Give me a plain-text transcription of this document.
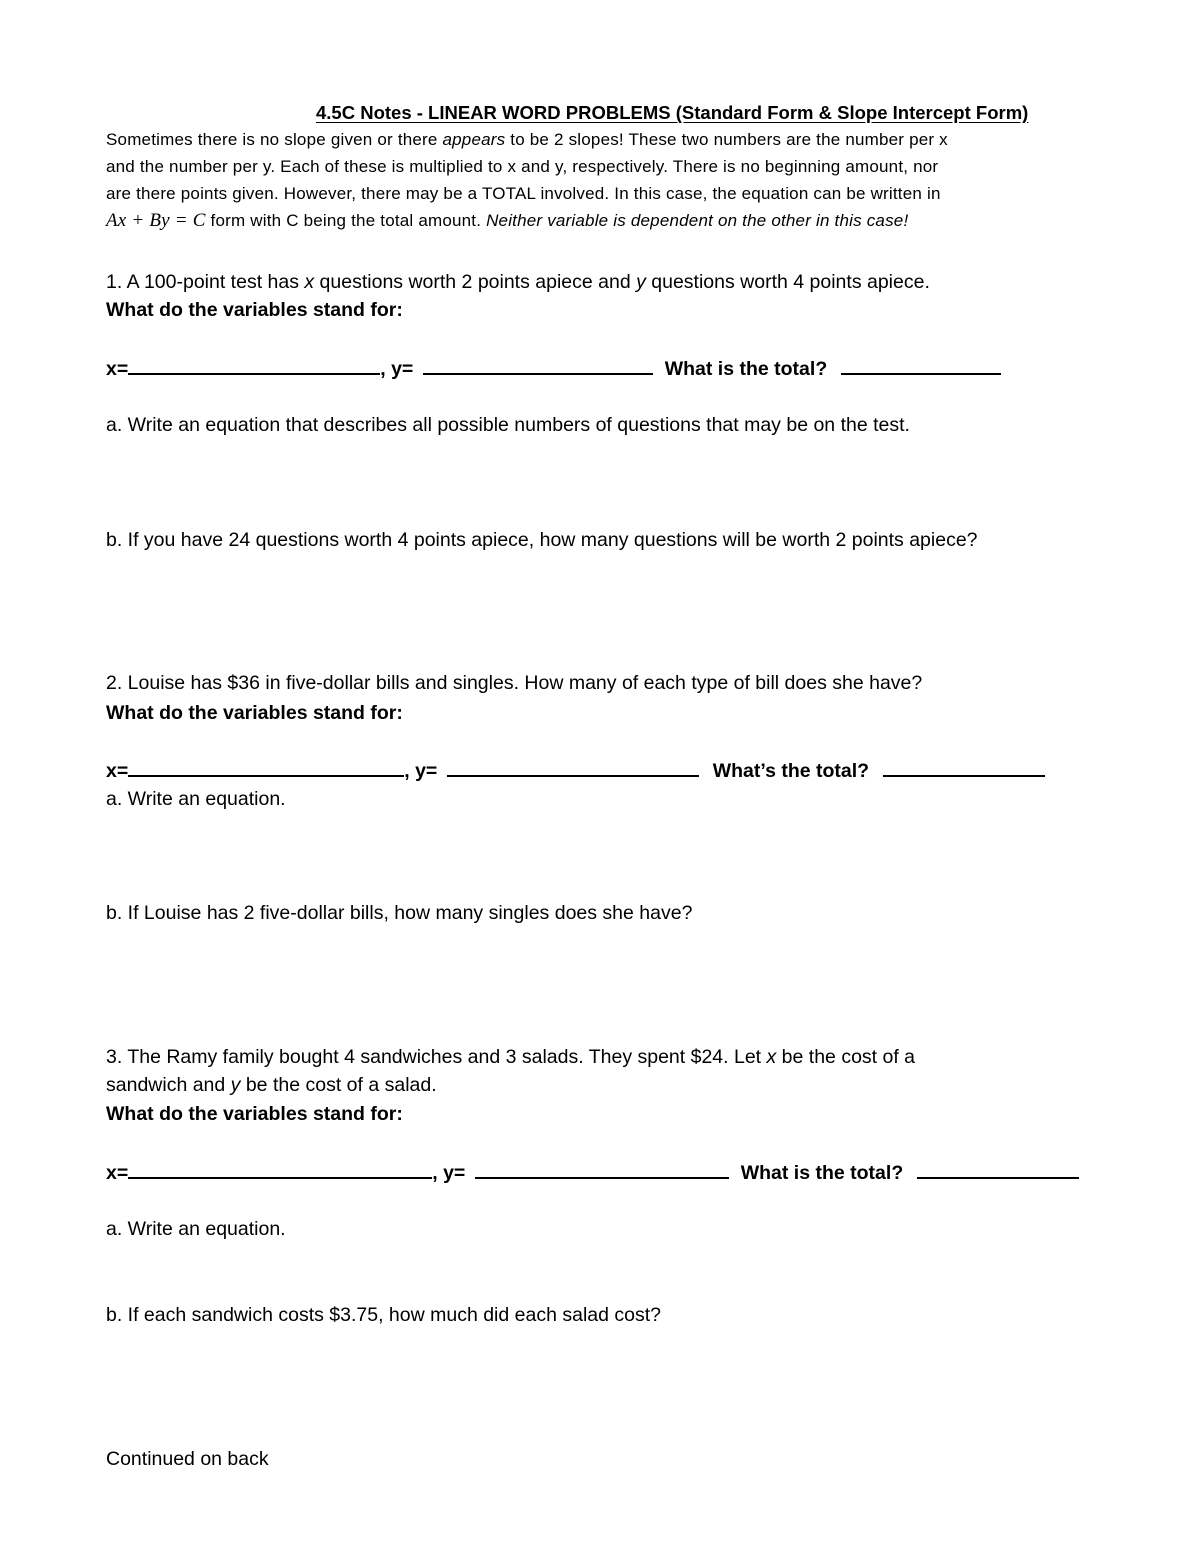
4.5C Notes - LINEAR WORD PROBLEMS (Standard Form & Slope Intercept Form)
Sometimes there is no slope given or there appears to be 2 slopes! These two numbers are the number per x
and the number per y. Each of these is multiplied to x and y, respectively. There is no beginning amount, nor
are there points given. However, there may be a TOTAL involved. In this case, the equation can be written in
Ax + By = C form with C being the total amount. Neither variable is dependent on the other in this case!
1. A 100-point test has x questions worth 2 points apiece and y questions worth 4 points apiece.
What do the variables stand for:
x=	, y=	What is the total?
a. Write an equation that describes all possible numbers of questions that may be on the test.
b. If you have 24 questions worth 4 points apiece, how many questions will be worth 2 points apiece?
2. Louise has $36 in five-dollar bills and singles. How many of each type of bill does she have?
What do the variables stand for:
x=	, y=	What’s the total?
a. Write an equation.
b. If Louise has 2 five-dollar bills, how many singles does she have?
3. The Ramy family bought 4 sandwiches and 3 salads. They spent $24. Let x be the cost of a
sandwich and y be the cost of a salad.
What do the variables stand for:
x=	, y=	What is the total?
a. Write an equation.
b. If each sandwich costs $3.75, how much did each salad cost?
Continued on back
